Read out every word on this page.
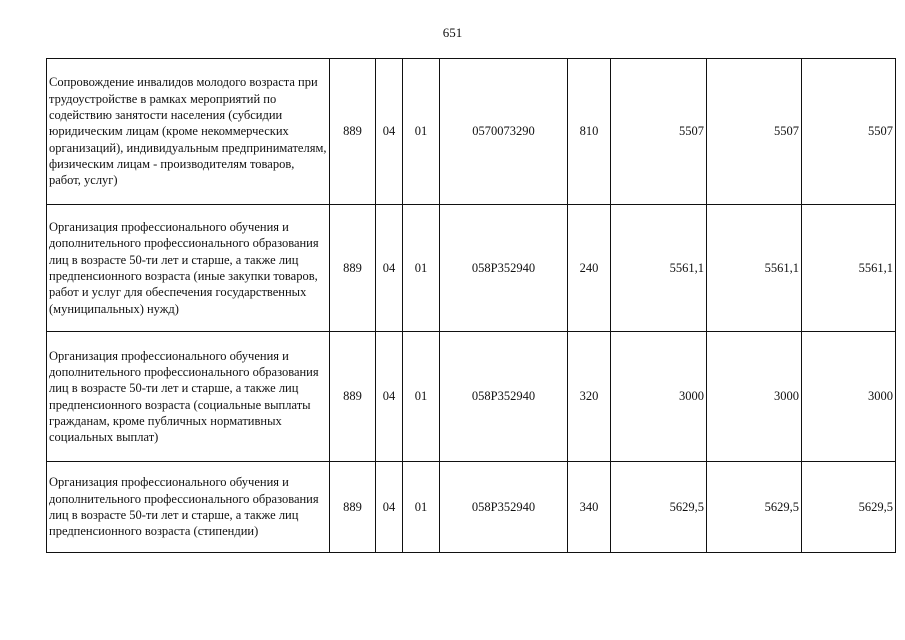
651
Сопровождение инвалидов молодого возраста при трудоустройстве в рамках мероприятий по содействию занятости населения (субсидии юридическим лицам (кроме некоммерческих организаций), индивидуальным предпринимателям, физическим лицам - производителям товаров, работ, услуг)	889	04	01	0570073290	810	5507	5507	5507
Организация профессионального обучения и дополнительного профессионального образования лиц в возрасте 50-ти лет и старше, а также лиц предпенсионного возраста (иные закупки товаров, работ и услуг для обеспечения государственных (муниципальных) нужд)	889	04	01	058P352940	240	5561,1	5561,1	5561,1
Организация профессионального обучения и дополнительного профессионального образования лиц в возрасте 50-ти лет и старше, а также лиц предпенсионного возраста (социальные выплаты гражданам, кроме публичных нормативных социальных выплат)	889	04	01	058P352940	320	3000	3000	3000
Организация профессионального обучения и дополнительного профессионального образования лиц в возрасте 50-ти лет и старше, а также лиц предпенсионного возраста (стипендии)	889	04	01	058P352940	340	5629,5	5629,5	5629,5
